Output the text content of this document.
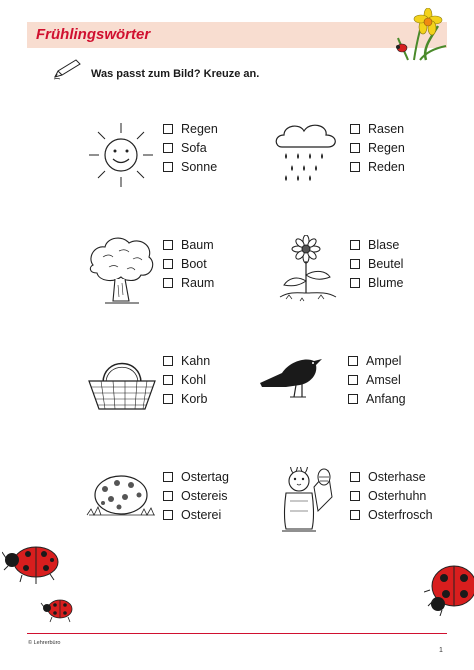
Frühlingswörter
Was passt zum Bild? Kreuze an.
Regen
Sofa
Sonne
Rasen
Regen
Reden
Baum
Boot
Raum
Blase
Beutel
Blume
Kahn
Kohl
Korb
Ampel
Amsel
Anfang
Ostertag
Ostereis
Osterei
Osterhase
Osterhuhn
Osterfrosch
© Lehrerbüro
1
